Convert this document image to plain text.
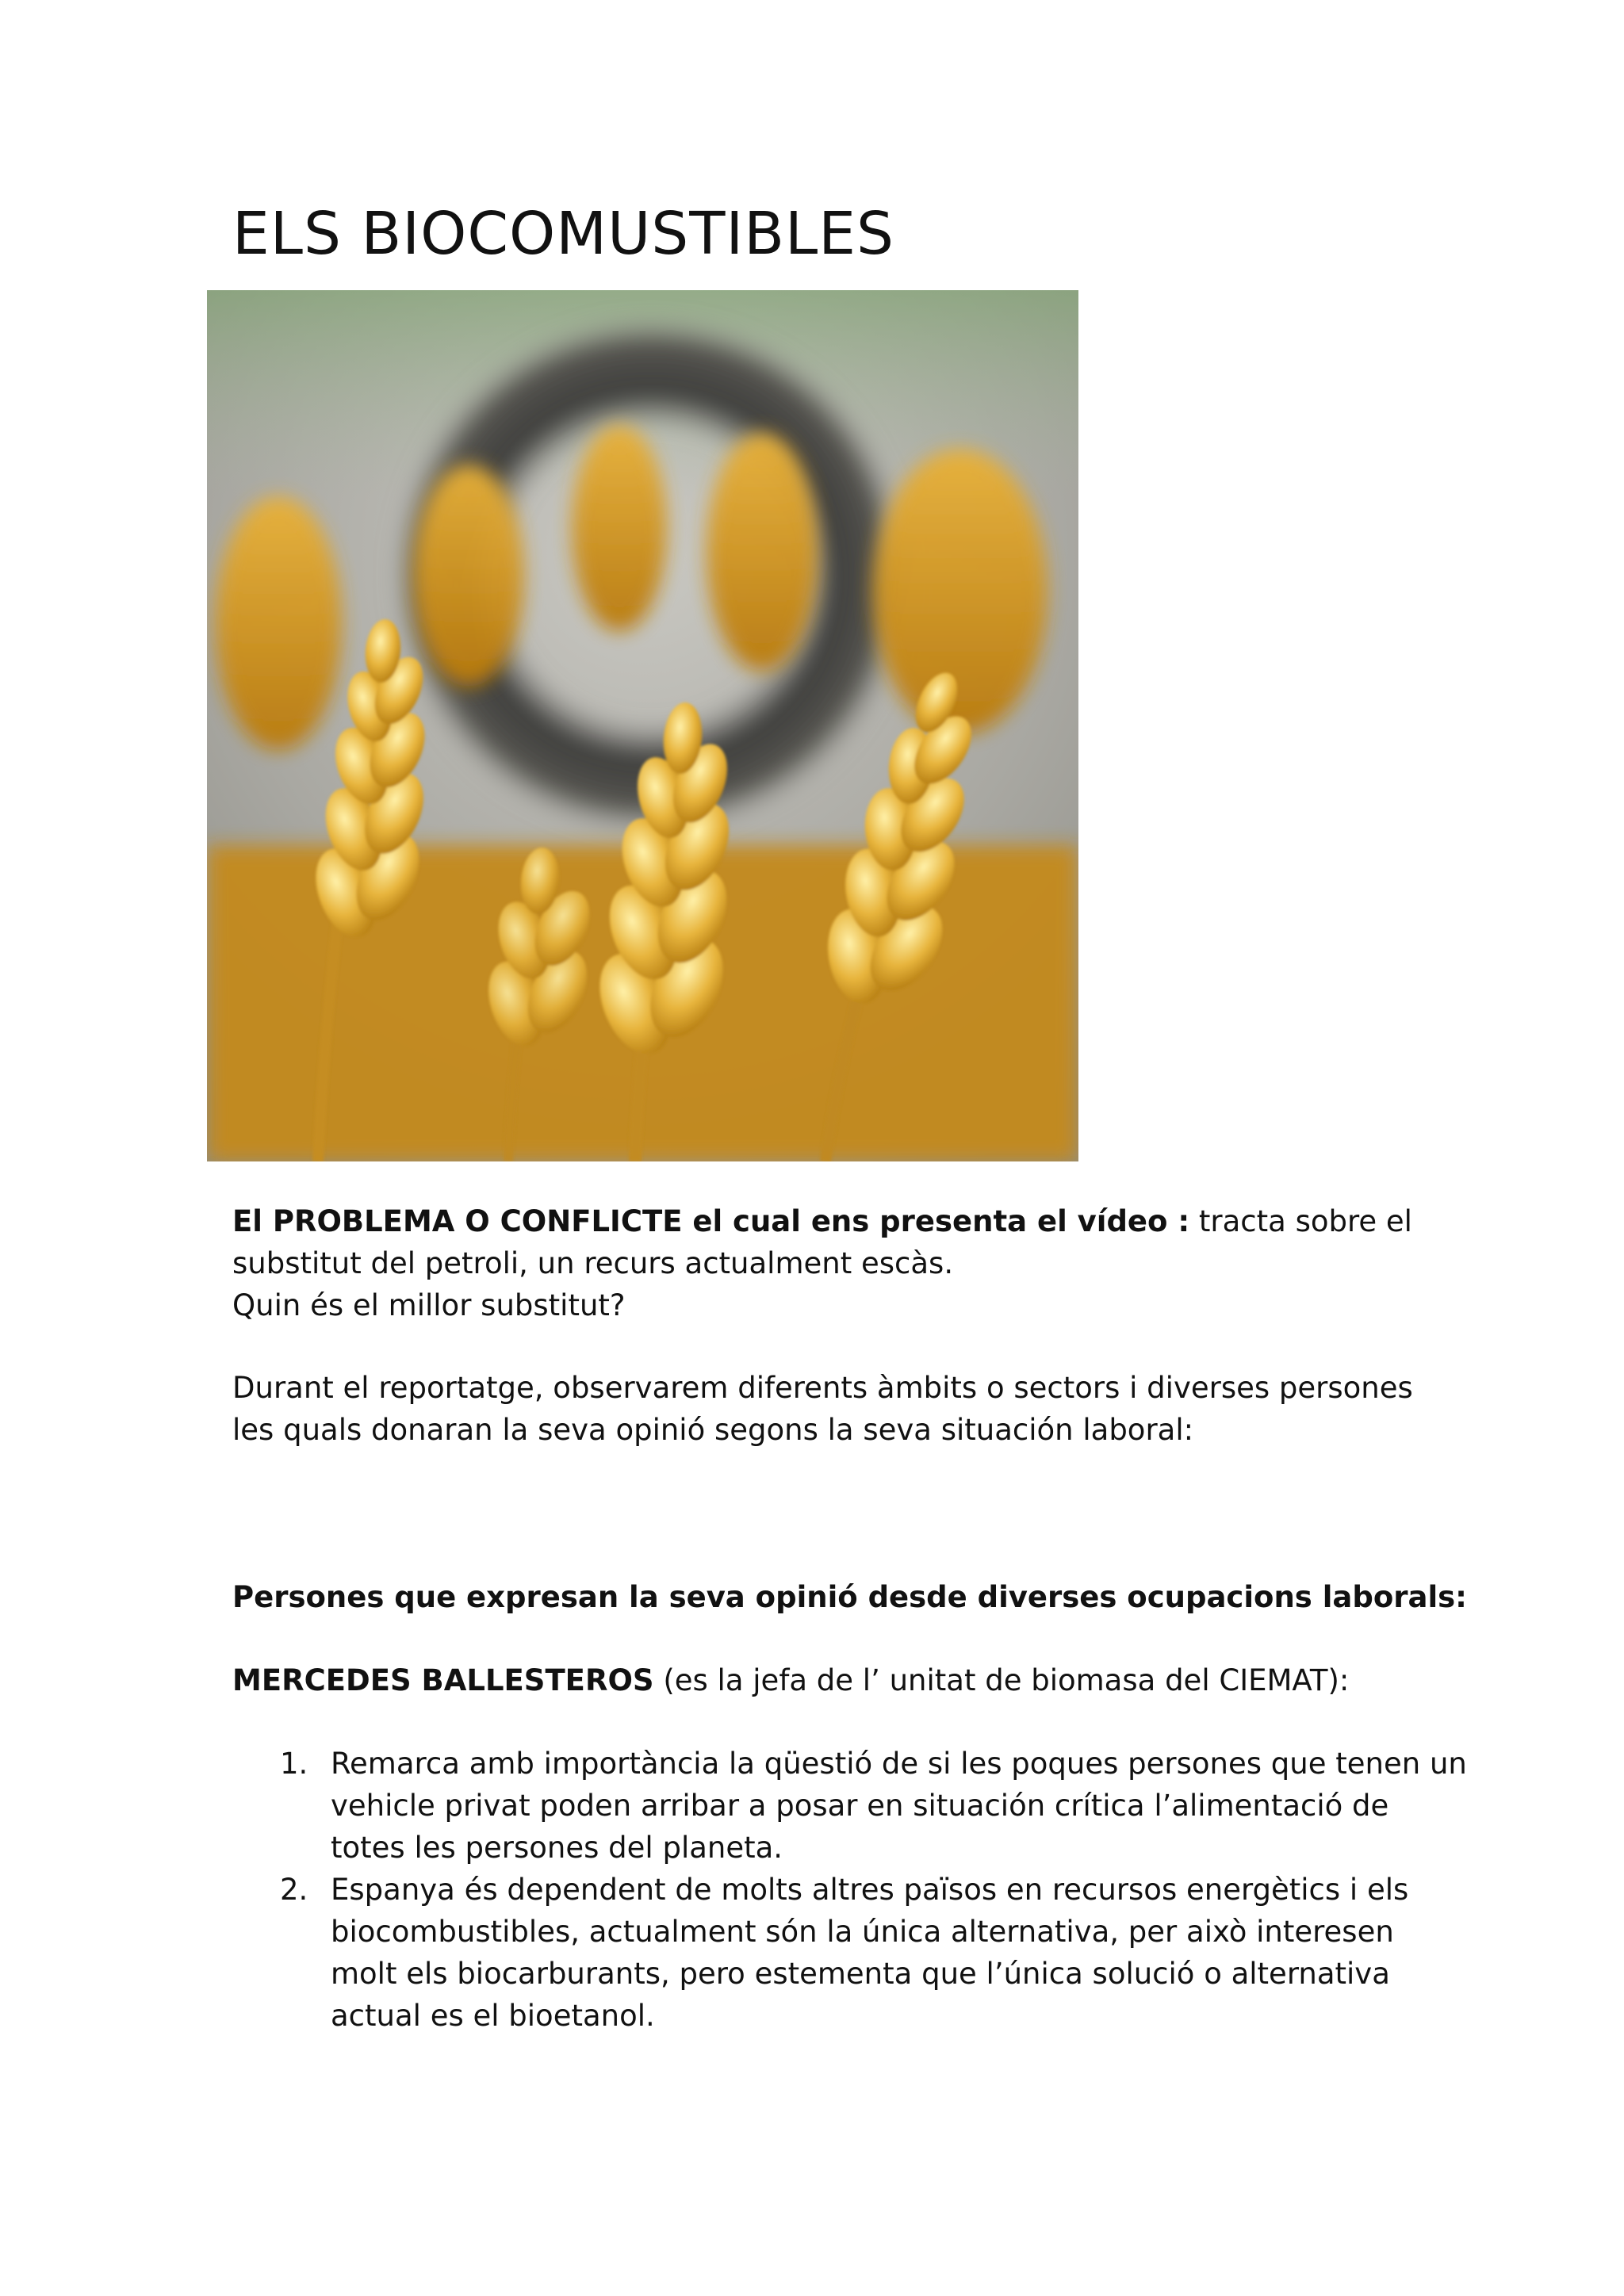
ELS BIOCOMUSTIBLES

El PROBLEMA O CONFLICTE el cual ens presenta el vídeo : tracta sobre el

substitut del petroli, un recurs actualment escàs.

Quin és el millor substitut?

Durant el reportatge, observarem diferents àmbits o sectors i diverses persones

les quals donaran la seva opinió segons la seva situación laboral:

Persones que expresan la seva opinió desde diverses ocupacions laborals:

MERCEDES BALLESTEROS (es la jefa de l’ unitat de biomasa del CIEMAT):

1. Remarca amb importància la qüestió de si les poques persones que tenen un

vehicle privat poden arribar a posar en situación crítica l’alimentació de

totes les persones del planeta.

2. Espanya és dependent de molts altres països en recursos energètics i els

biocombustibles, actualment són la única alternativa, per això interesen

molt els biocarburants, pero estementa que l’única solució o alternativa

actual es el bioetanol.
